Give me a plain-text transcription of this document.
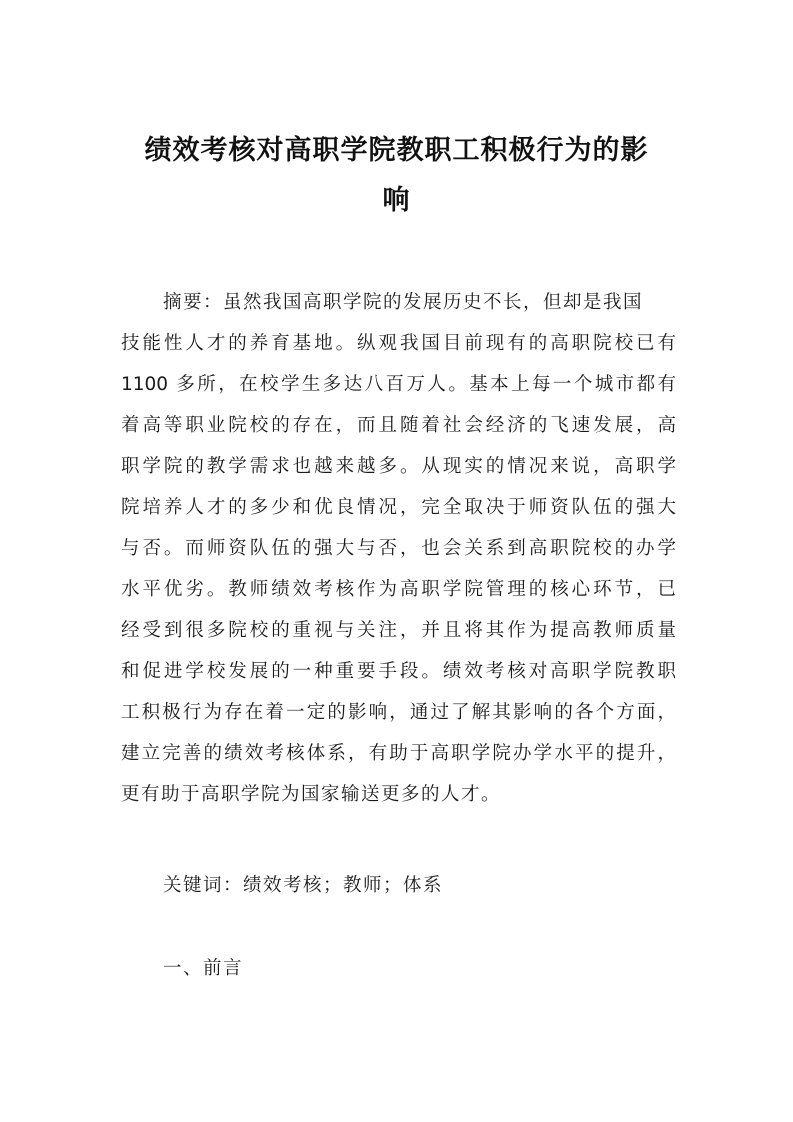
绩效考核对高职学院教职工积极行为的影
响

摘要：虽然我国高职学院的发展历史不长，但却是我国

技能性人才的养育基地。纵观我国目前现有的高职院校已有

1100 多所，在校学生多达八百万人。基本上每一个城市都有

着高等职业院校的存在，而且随着社会经济的飞速发展，高

职学院的教学需求也越来越多。从现实的情况来说，高职学

院培养人才的多少和优良情况，完全取决于师资队伍的强大

与否。而师资队伍的强大与否，也会关系到高职院校的办学

水平优劣。教师绩效考核作为高职学院管理的核心环节，已

经受到很多院校的重视与关注，并且将其作为提高教师质量

和促进学校发展的一种重要手段。绩效考核对高职学院教职

工积极行为存在着一定的影响，通过了解其影响的各个方面，

建立完善的绩效考核体系，有助于高职学院办学水平的提升，

更有助于高职学院为国家输送更多的人才。

关键词：绩效考核；教师；体系

一、前言
